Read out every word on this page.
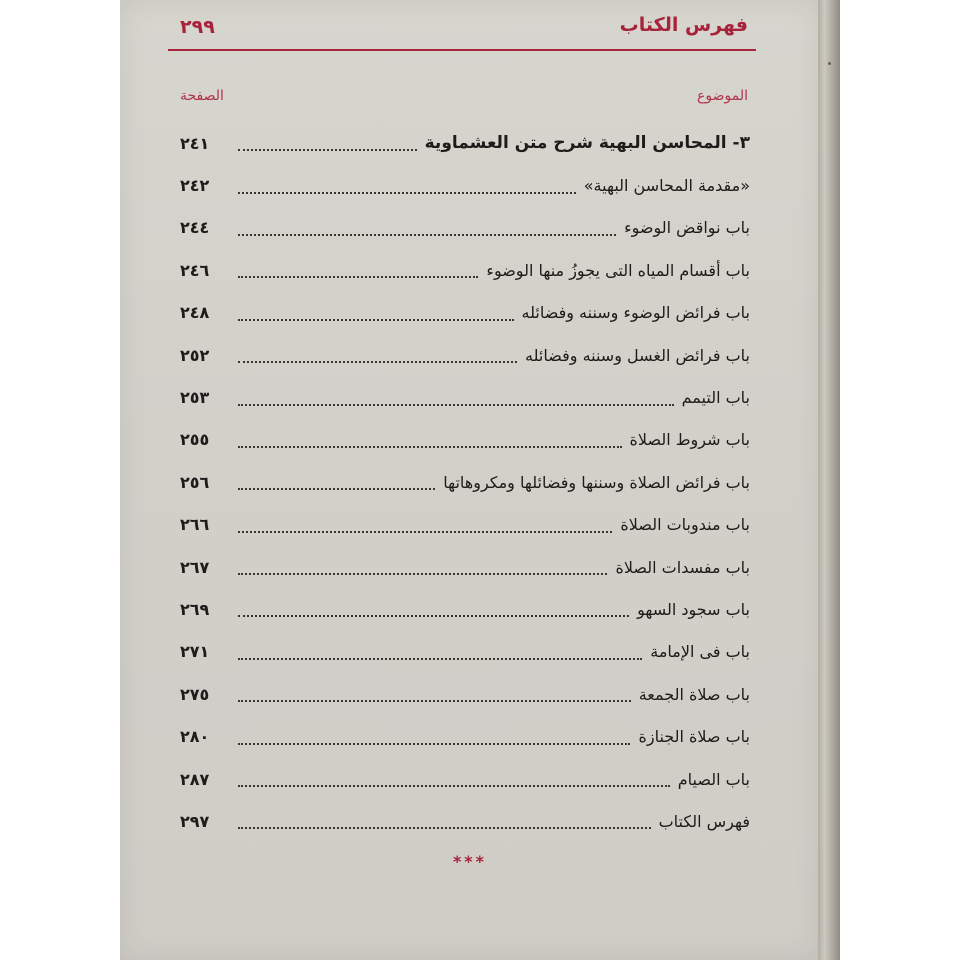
فهرس الكتاب
٢٩٩
الموضوع
الصفحة
٣- المحاسن البهية شرح متن العشماوية
٢٤١
«مقدمة المحاسن البهية»
٢٤٢
باب نواقض الوضوء
٢٤٤
باب أقسام المياه التى يجوزُ منها الوضوء
٢٤٦
باب فرائض الوضوء وسننه وفضائله
٢٤٨
باب فرائض الغسل وسننه وفضائله
٢٥٢
باب التيمم
٢٥٣
باب شروط الصلاة
٢٥٥
باب فرائض الصلاة وسننها وفضائلها ومكروهاتها
٢٥٦
باب مندوبات الصلاة
٢٦٦
باب مفسدات الصلاة
٢٦٧
باب سجود السهو
٢٦٩
باب فى الإمامة
٢٧١
باب صلاة الجمعة
٢٧٥
باب صلاة الجنازة
٢٨٠
باب الصيام
٢٨٧
فهرس الكتاب
٢٩٧
***
